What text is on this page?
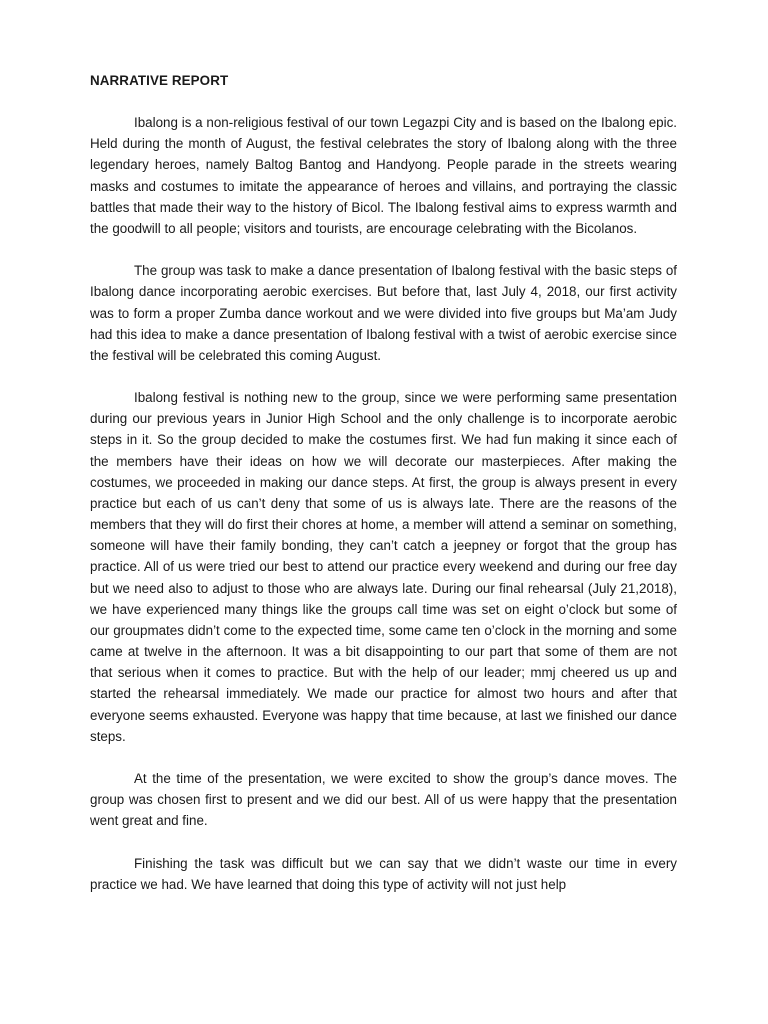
NARRATIVE REPORT

Ibalong is a non-religious festival of our town Legazpi City and is based on the Ibalong epic. Held during the month of August, the festival celebrates the story of Ibalong along with the three legendary heroes, namely Baltog Bantog and Handyong. People parade in the streets wearing masks and costumes to imitate the appearance of heroes and villains, and portraying the classic battles that made their way to the history of Bicol. The Ibalong festival aims to express warmth and the goodwill to all people; visitors and tourists, are encourage celebrating with the Bicolanos.

The group was task to make a dance presentation of Ibalong festival with the basic steps of Ibalong dance incorporating aerobic exercises. But before that, last July 4, 2018, our first activity was to form a proper Zumba dance workout and we were divided into five groups but Ma’am Judy had this idea to make a dance presentation of Ibalong festival with a twist of aerobic exercise since the festival will be celebrated this coming August.

Ibalong festival is nothing new to the group, since we were performing same presentation during our previous years in Junior High School and the only challenge is to incorporate aerobic steps in it. So the group decided to make the costumes first. We had fun making it since each of the members have their ideas on how we will decorate our masterpieces. After making the costumes, we proceeded in making our dance steps. At first, the group is always present in every practice but each of us can’t deny that some of us is always late. There are the reasons of the members that they will do first their chores at home, a member will attend a seminar on something, someone will have their family bonding, they can’t catch a jeepney or forgot that the group has practice. All of us were tried our best to attend our practice every weekend and during our free day but we need also to adjust to those who are always late. During our final rehearsal (July 21,2018), we have experienced many things like the groups call time was set on eight o’clock but some of our groupmates didn’t come to the expected time, some came ten o’clock in the morning and some came at twelve in the afternoon. It was a bit disappointing to our part that some of them are not that serious when it comes to practice. But with the help of our leader; mmj cheered us up and started the rehearsal immediately. We made our practice for almost two hours and after that everyone seems exhausted. Everyone was happy that time because, at last we finished our dance steps.

At the time of the presentation, we were excited to show the group’s dance moves. The group was chosen first to present and we did our best. All of us were happy that the presentation went great and fine.

Finishing the task was difficult but we can say that we didn’t waste our time in every practice we had. We have learned that doing this type of activity will not just help
